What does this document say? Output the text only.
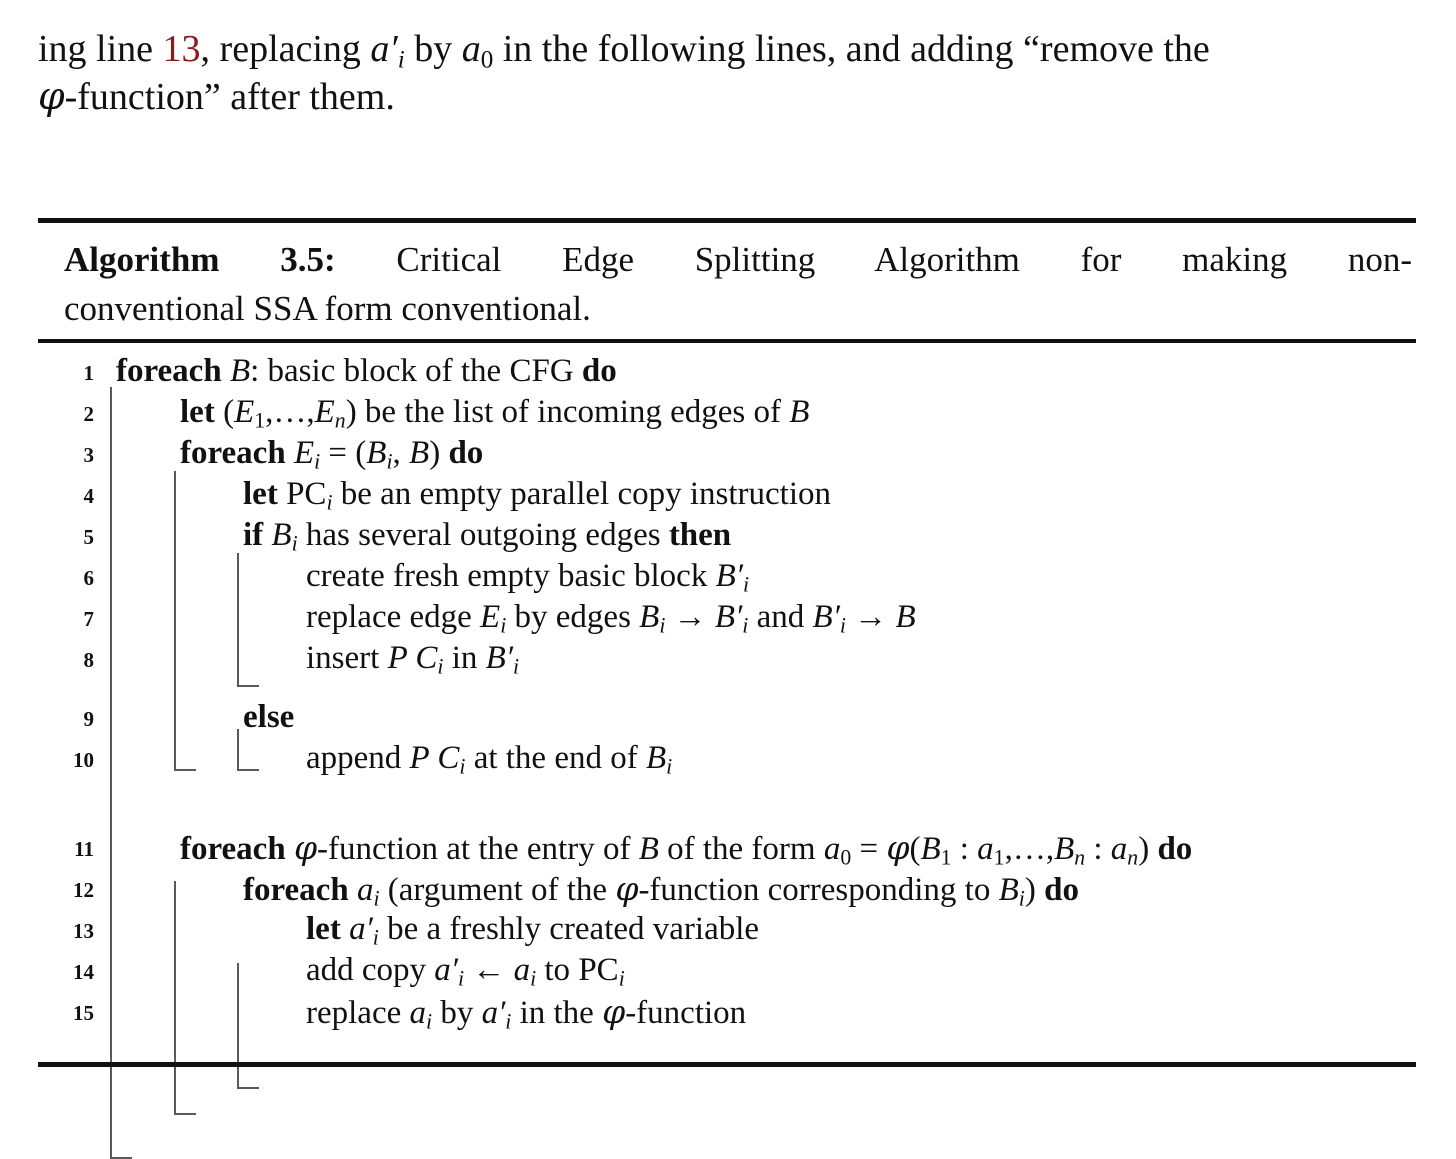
ing line 13, replacing $a'_i$ by $a_0$ in the following lines, and adding “remove the
φ-function” after them.
Algorithm 3.5: Critical Edge Splitting Algorithm for making non-
conventional SSA form conventional.
1 foreach B: basic block of the CFG do
2	let $(E_1,\dots,E_n)$ be the list of incoming edges of B
3	foreach $E_i = (B_i$, B) do
4	let $PC_i$ be an empty parallel copy instruction
5	if $B_i$ has several outgoing edges then
6	create fresh empty basic block $B'_i$
7	replace edge $E_i$ by edges $B_i \to B'_i$ and $B'_i \to B$
8	insert P $C_i$ in $B'_i$
9	else
10	append P $C_i$ at the end of $B_i$
11	foreach φ-function at the entry of B of the form $a_0 = \varphi(B_1$ : $a_1,\dots,B_n$ : $a_n$) do
12	foreach $a_i$ (argument of the φ-function corresponding to $B_i$) do
13	let $a'_i$ be a freshly created variable
14	add copy $a'_i$ ← $a_i$ to $PC_i$
15	replace $a_i$ by $a'_i$ in the φ-function
